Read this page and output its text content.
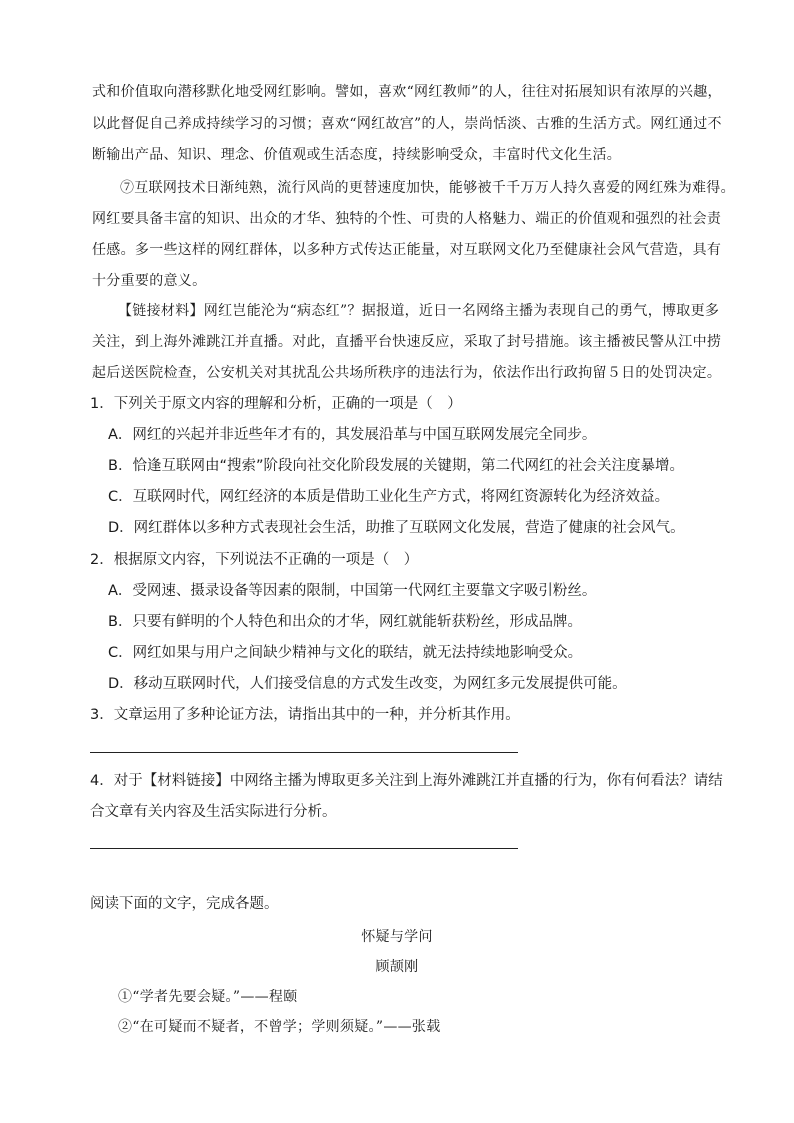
式和价值取向潜移默化地受网红影响。譬如，喜欢“网红教师”的人，往往对拓展知识有浓厚的兴趣，
以此督促自己养成持续学习的习惯；喜欢“网红故宫”的人，崇尚恬淡、古雅的生活方式。网红通过不
断输出产品、知识、理念、价值观或生活态度，持续影响受众，丰富时代文化生活。
⑦互联网技术日渐纯熟，流行风尚的更替速度加快，能够被千千万万人持久喜爱的网红殊为难得。
网红要具备丰富的知识、出众的才华、独特的个性、可贵的人格魅力、端正的价值观和强烈的社会责
任感。多一些这样的网红群体，以多种方式传达正能量，对互联网文化乃至健康社会风气营造，具有
十分重要的意义。
【链接材料】网红岂能沦为“病态红”？据报道，近日一名网络主播为表现自己的勇气，博取更多
关注，到上海外滩跳江并直播。对此，直播平台快速反应，采取了封号措施。该主播被民警从江中捞
起后送医院检查，公安机关对其扰乱公共场所秩序的违法行为，依法作出行政拘留５日的处罚决定。
1．下列关于原文内容的理解和分析，正确的一项是（　）
A．网红的兴起并非近些年才有的，其发展沿革与中国互联网发展完全同步。
B．恰逢互联网由“搜索”阶段向社交化阶段发展的关键期，第二代网红的社会关注度暴增。
C．互联网时代，网红经济的本质是借助工业化生产方式，将网红资源转化为经济效益。
D．网红群体以多种方式表现社会生活，助推了互联网文化发展，营造了健康的社会风气。
2．根据原文内容，下列说法不正确的一项是（　）
A．受网速、摄录设备等因素的限制，中国第一代网红主要靠文字吸引粉丝。
B．只要有鲜明的个人特色和出众的才华，网红就能斩获粉丝，形成品牌。
C．网红如果与用户之间缺少精神与文化的联结，就无法持续地影响受众。
D．移动互联网时代，人们接受信息的方式发生改变，为网红多元发展提供可能。
3．文章运用了多种论证方法，请指出其中的一种，并分析其作用。
4．对于【材料链接】中网络主播为博取更多关注到上海外滩跳江并直播的行为，你有何看法？请结
合文章有关内容及生活实际进行分析。
阅读下面的文字，完成各题。
怀疑与学问
顾颉刚
①“学者先要会疑。”——程颐
②“在可疑而不疑者，不曾学；学则须疑。”——张载
